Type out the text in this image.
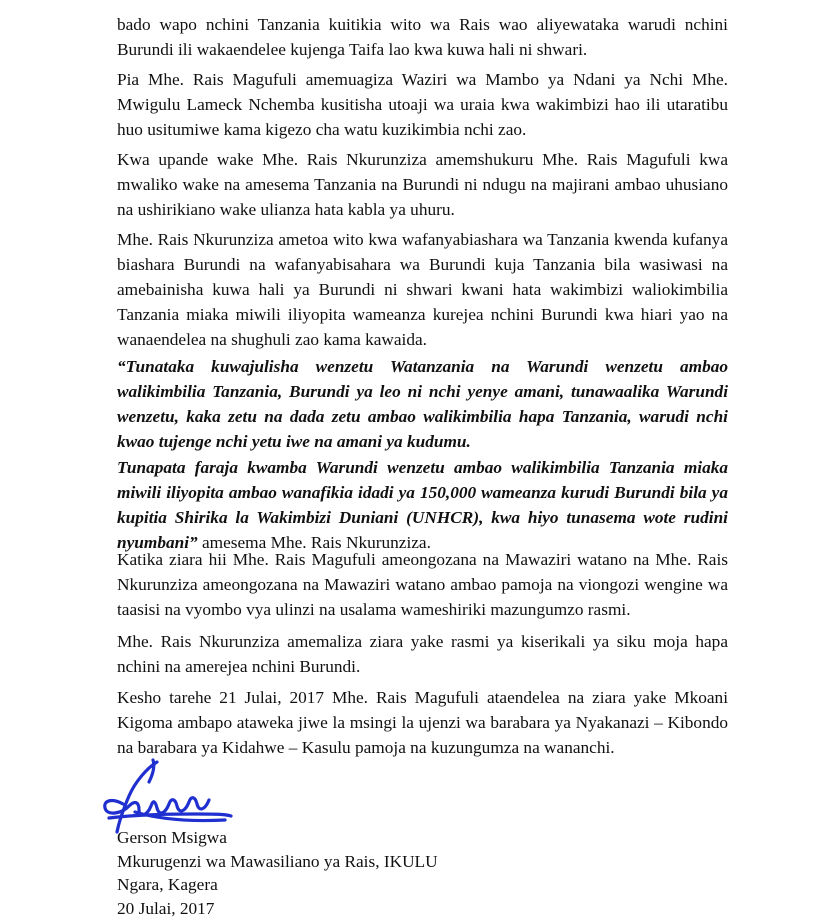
bado wapo nchini Tanzania kuitikia wito wa Rais wao aliyewataka warudi nchini Burundi ili wakaendelee kujenga Taifa lao kwa kuwa hali ni shwari.

Pia Mhe. Rais Magufuli amemuagiza Waziri wa Mambo ya Ndani ya Nchi Mhe. Mwigulu Lameck Nchemba kusitisha utoaji wa uraia kwa wakimbizi hao ili utaratibu huo usitumiwe kama kigezo cha watu kuzikimbia nchi zao.

Kwa upande wake Mhe. Rais Nkurunziza amemshukuru Mhe. Rais Magufuli kwa mwaliko wake na amesema Tanzania na Burundi ni ndugu na majirani ambao uhusiano na ushirikiano wake ulianza hata kabla ya uhuru.

Mhe. Rais Nkurunziza ametoa wito kwa wafanyabiashara wa Tanzania kwenda kufanya biashara Burundi na wafanyabisahara wa Burundi kuja Tanzania bila wasiwasi na amebainisha kuwa hali ya Burundi ni shwari kwani hata wakimbizi waliokimbilia Tanzania miaka miwili iliyopita wameanza kurejea nchini Burundi kwa hiari yao na wanaendelea na shughuli zao kama kawaida.

“Tunataka kuwajulisha wenzetu Watanzania na Warundi wenzetu ambao walikimbilia Tanzania, Burundi ya leo ni nchi yenye amani, tunawaalika Warundi wenzetu, kaka zetu na dada zetu ambao walikimbilia hapa Tanzania, warudi nchi kwao tujenge nchi yetu iwe na amani ya kudumu.

Tunapata faraja kwamba Warundi wenzetu ambao walikimbilia Tanzania miaka miwili iliyopita ambao wanafikia idadi ya 150,000 wameanza kurudi Burundi bila ya kupitia Shirika la Wakimbizi Duniani (UNHCR), kwa hiyo tunasema wote rudini nyumbani” amesema Mhe. Rais Nkurunziza.

Katika ziara hii Mhe. Rais Magufuli ameongozana na Mawaziri watano na Mhe. Rais Nkurunziza ameongozana na Mawaziri watano ambao pamoja na viongozi wengine wa taasisi na vyombo vya ulinzi na usalama wameshiriki mazungumzo rasmi.

Mhe. Rais Nkurunziza amemaliza ziara yake rasmi ya kiserikali ya siku moja hapa nchini na amerejea nchini Burundi.

Kesho tarehe 21 Julai, 2017 Mhe. Rais Magufuli ataendelea na ziara yake Mkoani Kigoma ambapo ataweka jiwe la msingi la ujenzi wa barabara ya Nyakanazi – Kibondo na barabara ya Kidahwe – Kasulu pamoja na kuzungumza na wananchi.

Gerson Msigwa
Mkurugenzi wa Mawasiliano ya Rais, IKULU
Ngara, Kagera
20 Julai, 2017
